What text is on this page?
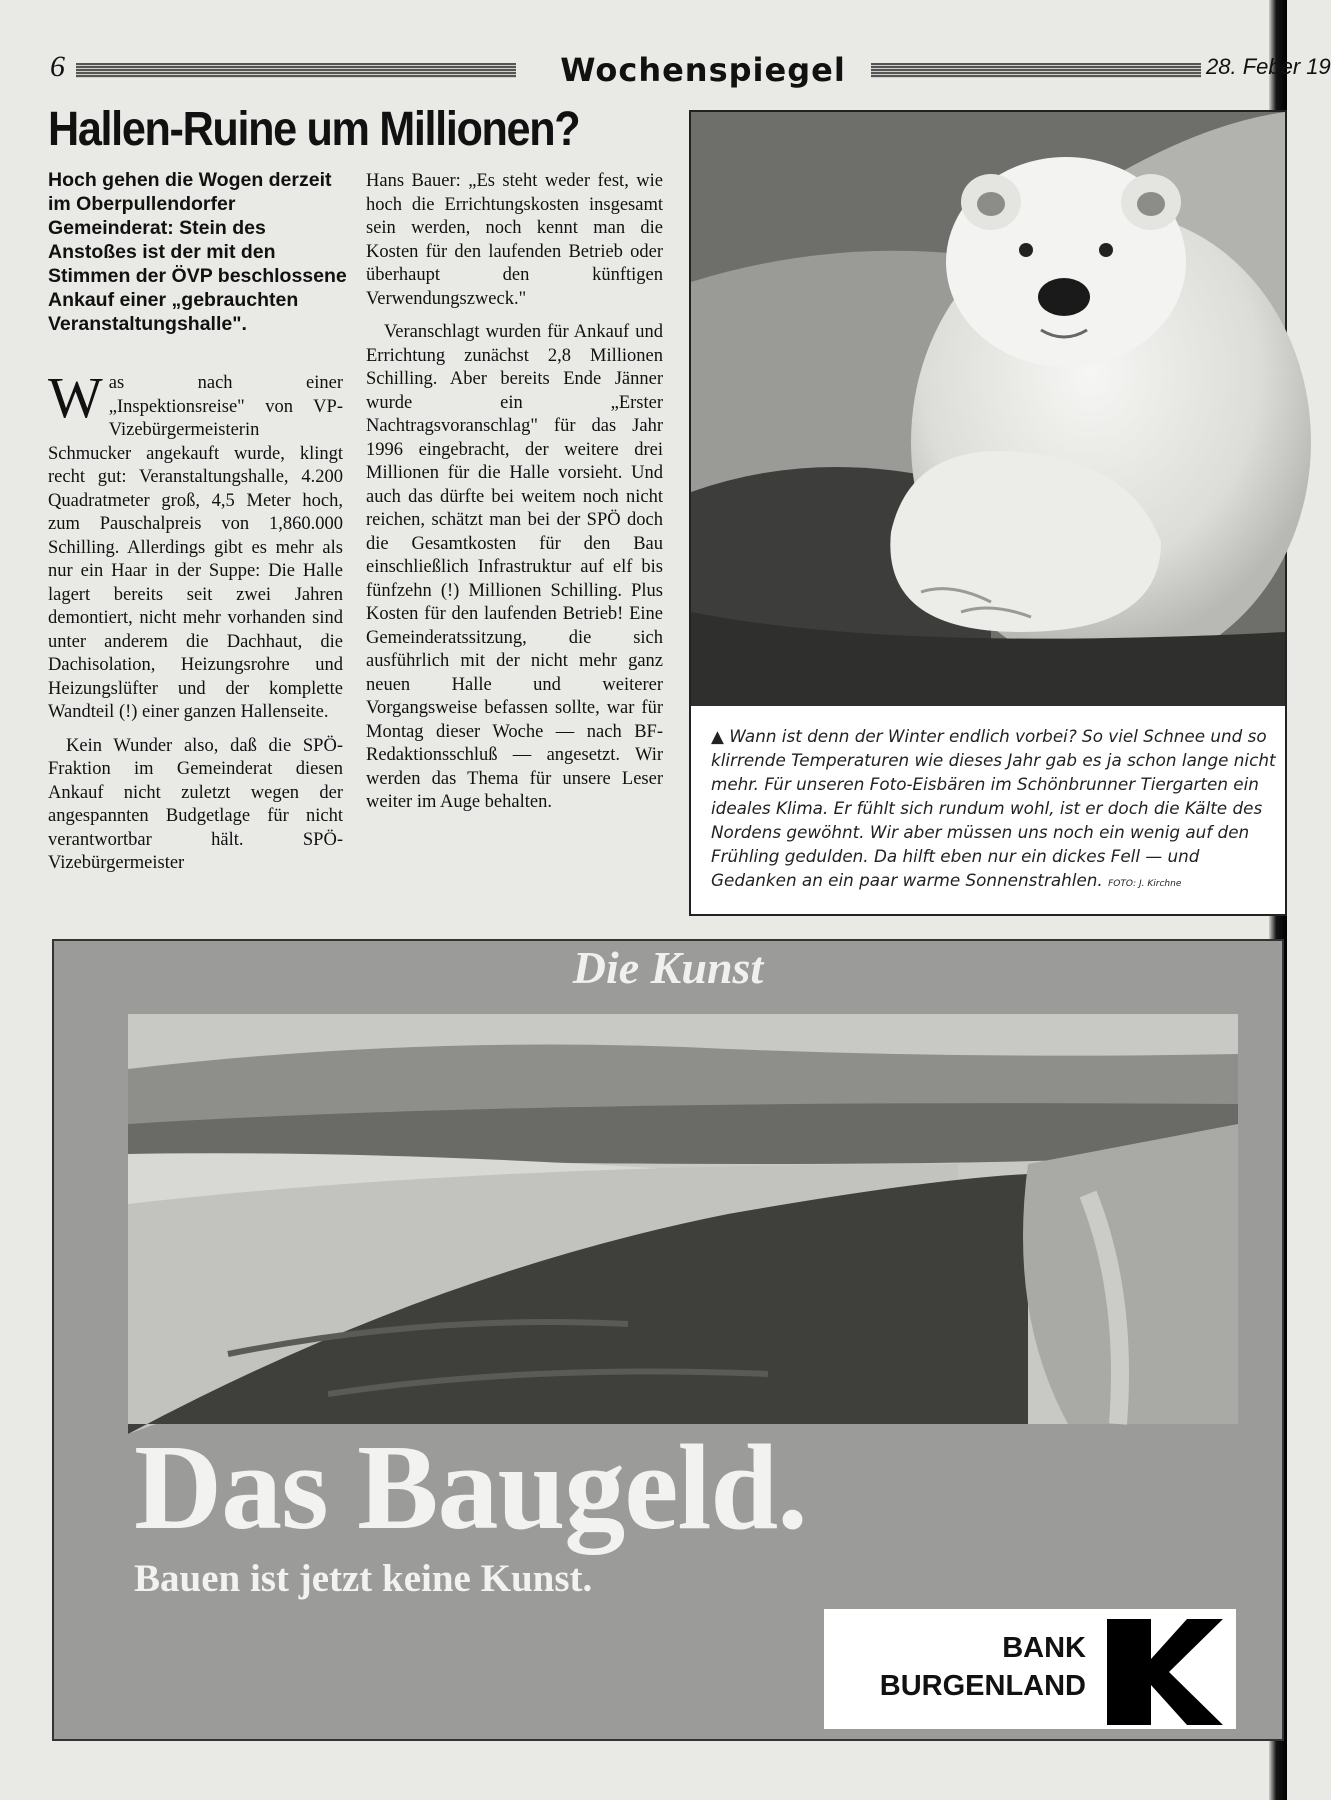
6	Wochenspiegel	28. Feber 19
Hallen-Ruine um Millionen?

Hoch gehen die Wogen derzeit im Oberpullendorfer Gemeinderat: Stein des Anstoßes ist der mit den Stimmen der ÖVP beschlossene Ankauf einer „gebrauchten Veranstaltungshalle".

Was nach einer „Inspektionsreise" von VP-Vizebürgermeisterin Schmucker angekauft wurde, klingt recht gut: Veranstaltungshalle, 4.200 Quadratmeter groß, 4,5 Meter hoch, zum Pauschalpreis von 1,860.000 Schilling. Allerdings gibt es mehr als nur ein Haar in der Suppe: Die Halle lagert bereits seit zwei Jahren demontiert, nicht mehr vorhanden sind unter anderem die Dachhaut, die Dachisolation, Heizungsrohre und Heizungslüfter und der komplette Wandteil (!) einer ganzen Hallenseite.

Kein Wunder also, daß die SPÖ-Fraktion im Gemeinderat diesen Ankauf nicht zuletzt wegen der angespannten Budgetlage für nicht verantwortbar hält. SPÖ-Vizebürgermeister

Hans Bauer: „Es steht weder fest, wie hoch die Errichtungskosten insgesamt sein werden, noch kennt man die Kosten für den laufenden Betrieb oder überhaupt den künftigen Verwendungszweck."

Veranschlagt wurden für Ankauf und Errichtung zunächst 2,8 Millionen Schilling. Aber bereits Ende Jänner wurde ein „Erster Nachtragsvoranschlag" für das Jahr 1996 eingebracht, der weitere drei Millionen für die Halle vorsieht. Und auch das dürfte bei weitem noch nicht reichen, schätzt man bei der SPÖ doch die Gesamtkosten für den Bau einschließlich Infrastruktur auf elf bis fünfzehn (!) Millionen Schilling. Plus Kosten für den laufenden Betrieb! Eine Gemeinderatssitzung, die sich ausführlich mit der nicht mehr ganz neuen Halle und weiterer Vorgangsweise befassen sollte, war für Montag dieser Woche — nach BF-Redaktionsschluß — angesetzt. Wir werden das Thema für unsere Leser weiter im Auge behalten.

▲ Wann ist denn der Winter endlich vorbei? So viel Schnee und so klirrende Temperaturen wie dieses Jahr gab es ja schon lange nicht mehr. Für unseren Foto-Eisbären im Schönbrunner Tiergarten ein ideales Klima. Er fühlt sich rundum wohl, ist er doch die Kälte des Nordens gewöhnt. Wir aber müssen uns noch ein wenig auf den Frühling gedulden. Da hilft eben nur ein dickes Fell — und Gedanken an ein paar warme Sonnenstrahlen. FOTO: J. Kirchne

Die Kunst

Das Baugeld.

Bauen ist jetzt keine Kunst.

BANK
BURGENLAND
